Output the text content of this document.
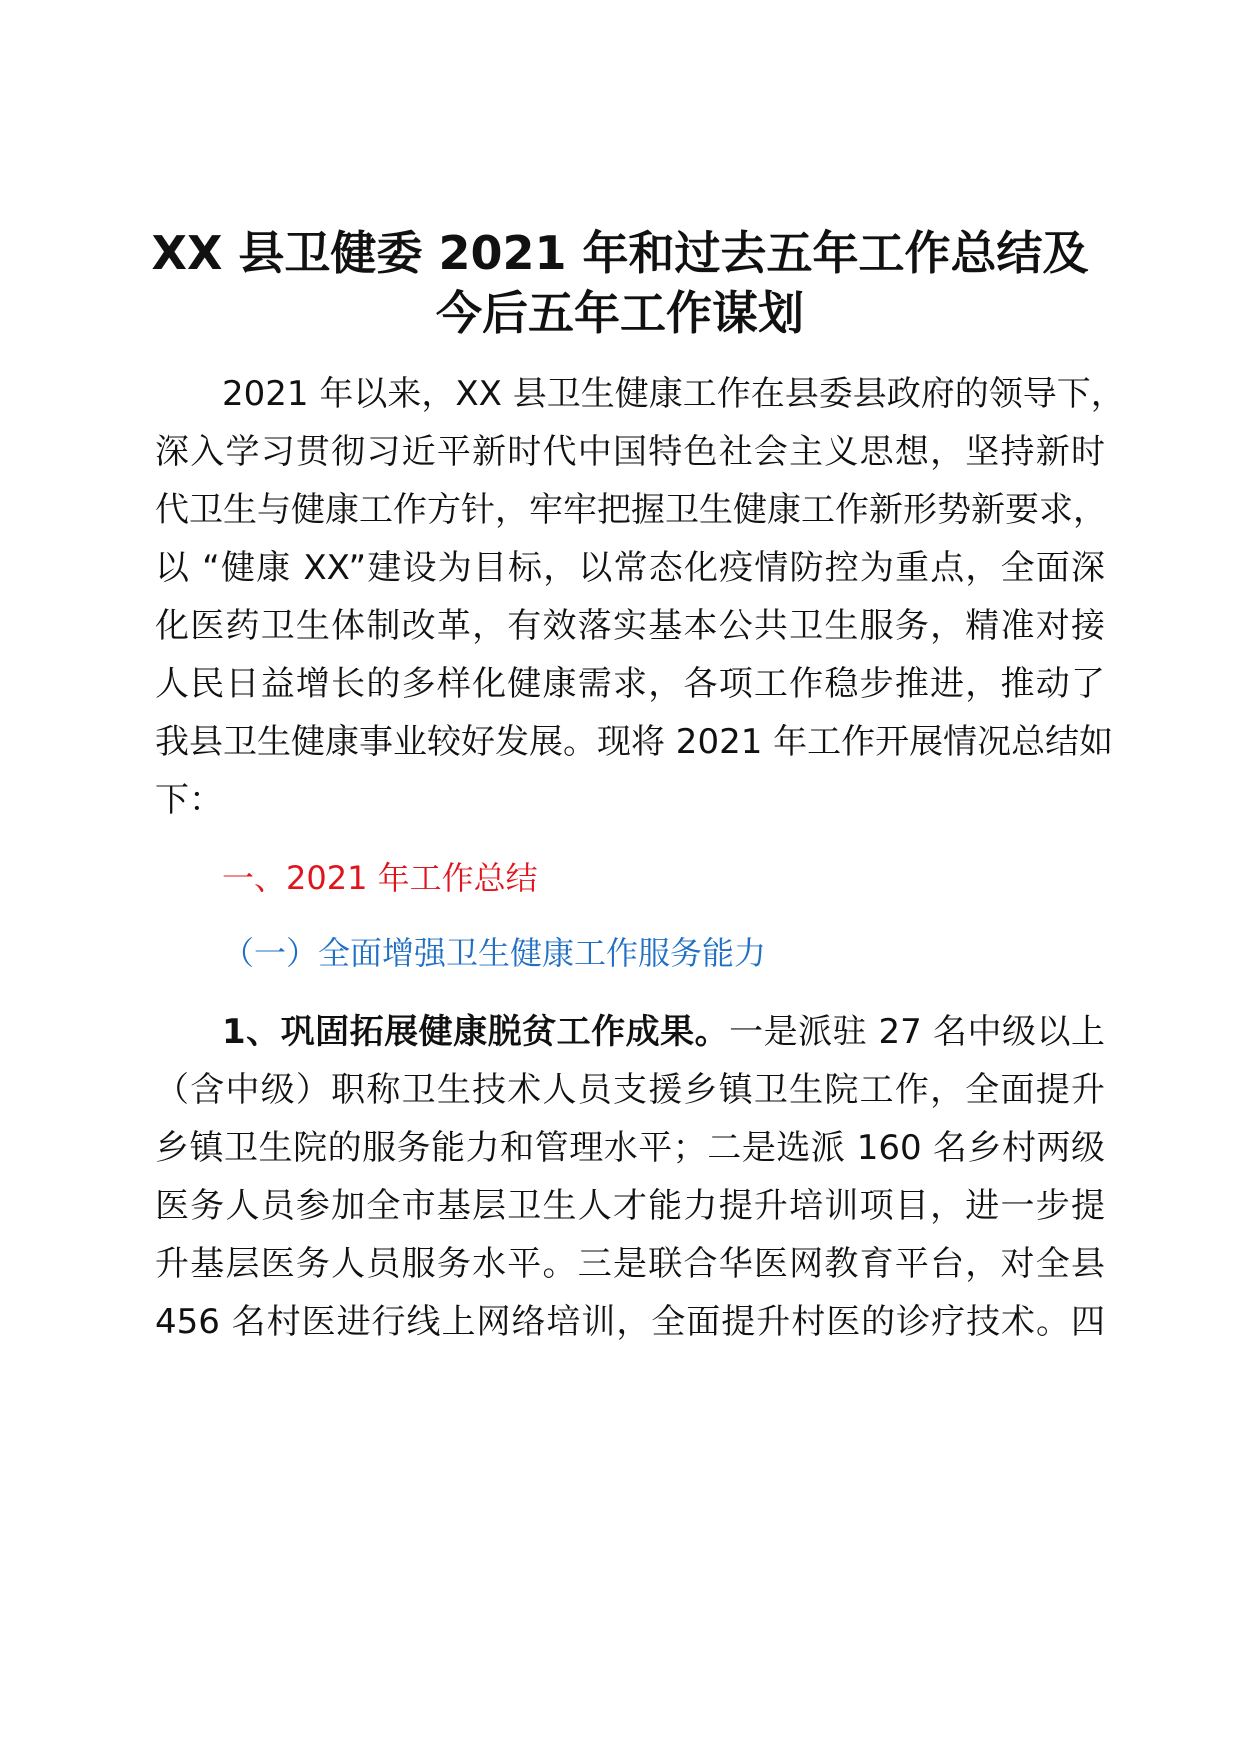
XX 县卫健委 2021 年和过去五年工作总结及
今后五年工作谋划
2021 年以来，XX 县卫生健康工作在县委县政府的领导下，
深入学习贯彻习近平新时代中国特色社会主义思想，坚持新时
代卫生与健康工作方针，牢牢把握卫生健康工作新形势新要求，
以 “健康 XX”建设为目标，以常态化疫情防控为重点，全面深
化医药卫生体制改革，有效落实基本公共卫生服务，精准对接
人民日益增长的多样化健康需求，各项工作稳步推进，推动了
我县卫生健康事业较好发展。现将 2021 年工作开展情况总结如
下：
一、2021 年工作总结
（一）全面增强卫生健康工作服务能力
1、巩固拓展健康脱贫工作成果。一是派驻 27 名中级以上
（含中级）职称卫生技术人员支援乡镇卫生院工作，全面提升
乡镇卫生院的服务能力和管理水平；二是选派 160 名乡村两级
医务人员参加全市基层卫生人才能力提升培训项目，进一步提
升基层医务人员服务水平。三是联合华医网教育平台，对全县
456 名村医进行线上网络培训，全面提升村医的诊疗技术。四
